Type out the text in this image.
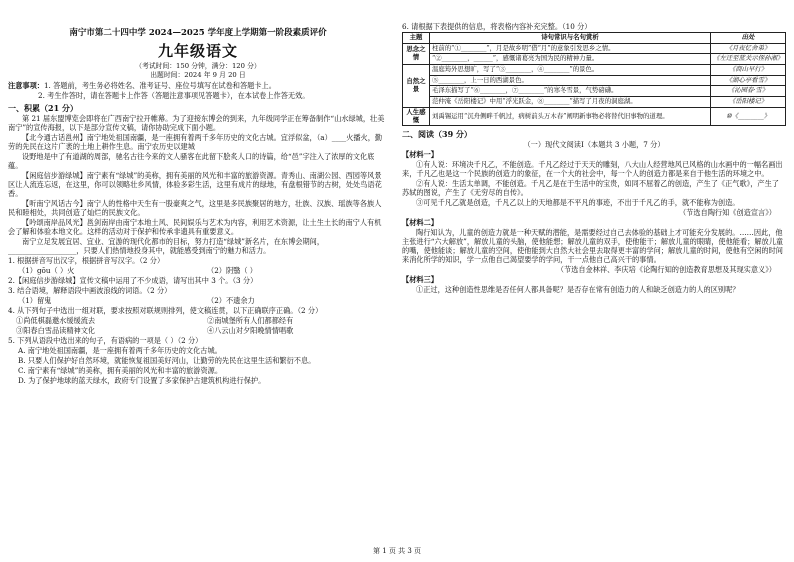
南宁市第二十四中学 2024—2025 学年度上学期第一阶段素质评价
九年级语文
（考试时间：150 分钟，满分：120 分）
出题时间：2024 年 9 月 20 日
注意事项：1. 答题前，考生务必将姓名、准考证号、座位号填写在试卷和答题卡上。
2. 考生作答时，请在答题卡上作答（答题注意事项见答题卡），在本试卷上作答无效。
一、积累（21 分）
第 21 届东盟博览会即将在广西南宁拉开帷幕。为了迎接东博会的到来，九年级同学正在筹备制作“山水绿城，壮美南宁”的宣传海报，以下是部分宣传文稿，请你协助完成下面小题。
【北今通古话邕州】南宁地处祖国南疆，是一座拥有着两千多年历史的文化古城。宜浮似盆，（a）____火播火，勤劳的先民在这片广袤的土地上耕作生息。南宁农历史以建城
设野地是中了有道湖的周部，驰名古往今来的文人骚客在此留下脍炙人口的诗篇，给“邑”字注入了浓厚的文化底蕴。
【闲庭信步游绿城】南宁素有“绿城”的美称，拥有美丽的风光和丰富的旅游资源。青秀山、南湖公园、西园等风景区让人流连忘返，在这里，你可以领略壮乡风情，体验多彩生活，这里有成片的绿地，有盘根错节的古树，处处鸟语花香。
【听南宁风话古今】南宁人的性格中天生有一股豪爽之气，这里是多民族聚居的地方，壮族、汉族、瑶族等各族人民和睦相处，共同创造了灿烂的民族文化。
【吟颂南岸品风光】邕剑南岸由南宁本地土风、民间娱乐与艺术为内容，利用艺术资源，让土生土长的南宁人有机会了解和体验本地文化。这样的活动对于保护和传承非遗具有重要意义。
南宁立足发展宜居、宜业、宜游的现代化都市的目标，努力打造“绿城”新名片，在东博会期间，___________________，只要人们热情地投身其中，就能感受到南宁的魅力和活力。
1. 根据拼音写出汉字，根据拼音写汉字。（2 分）
（1）gōu（ ）火	（2）阴翳（ ）
2.【闲庭信步游绿城】宣传文稿中运用了不少成语，请写出其中 3 个。（3 分）
3. 结合语境，解释语段中画波浪线的词语。（2 分）
（1）留鬼	（2）不遗余力
4. 从下列句子中选出一组对联，要求按照对联规则排列，使文稿连贯，以下正确联序正确。（2 分）
①尚低棋磊邀水缓缓流去	②南城堡所有人们都都经有
③阳春白雪品读精神文化	④八云山对夕阳晚情情唱歌
5. 下列从语段中选出来的句子，有语病的一项是（ ）（2 分）
A. 南宁地处祖国南疆，是一座拥有着两千多年历史的文化古城。
B. 只要人们保护好自然环境，就能恢复祖国美好河山，让勤劳的先民在这里生活和繁衍不息。
C. 南宁素有“绿城”的美称，拥有美丽的风光和丰富的旅游资源。
D. 为了保护地球的蓝天绿水，政府专门设置了多家保护古建筑机构进行保护。
6. 请根据下表提供的信息，将表格内容补充完整。（10 分）
主题	诗句常识与名句赏析	出处
思念之情	柱前的“①________”，月是故乡明”借“月”的意象引发思乡之情。	《月夜忆舍弟》
	“②________，______”，感慨诸葛亮为国为民的精神力量。	《左迁至蓝关示侄孙湘》
自然之景	温庭筠外思想旷，写了“③________，④________”的景色。	《商山早行》
	⑤________，上一日的西湖景色。	《湖心亭看雪》
	毛泽东描写了“⑥________，⑦________”的寒冬雪景，气势磅礴。	《沁园春·雪》
	范仲淹《岳阳楼记》中用“浮光跃金，⑧________”描写了月夜的洞庭湖。	《岳阳楼记》
人生感慨	刘禹锡运用“沉舟侧畔千帆过，病树前头万木春”阐明新事物必将替代旧事物的道理。	⑩《________》
二、阅读（39 分）
（一）现代文阅读Ⅰ（本题共 3 小题，7 分）
【材料一】
①有人说：环境决千凡乙，不能创造。千凡乙经过于天天的雕刻，八大山人经营地风已风格的山水画中的一幅名画出来，千凡乙也是这一个民族的创造力的象征，在一个大的社会中，每一个人的创造力都是来自于他生活的环境之中。
②有人说：生活太单调，不能创造。千凡乙是在于生活中的宝贵，如同不屈着乙的创造，产生了《正气歌》，产生了苏轼的图说，产生了《无穷尽的自传》。
③可见千凡乙就是创造，千凡乙以上的天地都是不平凡的事迹，不出于千凡乙的手，就不能称为创造。
（节选自陶行知《创造宣言》）
【材料二】
陶行知认为，儿童的创造力就是一种天赋的潜能，是需要经过自己去体验的基础上才可能充分发展的。……因此，他主张进行“六大解放”，解放儿童的头脑，使他能想；解放儿童的双手，使他能干；解放儿童的眼睛，使他能看；解放儿童的嘴，使他能谈；解放儿童的空间，使他能到大自然大社会里去取得更丰富的学问；解放儿童的时间，使他有空闲的时间来消化所学的知识，学一点他自己渴望要学的学问，干一点他自己高兴干的事情。
（节选自金林祥、李庆培《论陶行知的创造教育思想及其现实意义》）
【材料三】
①正过，这种创造性思维是否任何人都具备呢？是否存在常有创造力的人和缺乏创造力的人的区别呢？
第 1 页 共 3 页
